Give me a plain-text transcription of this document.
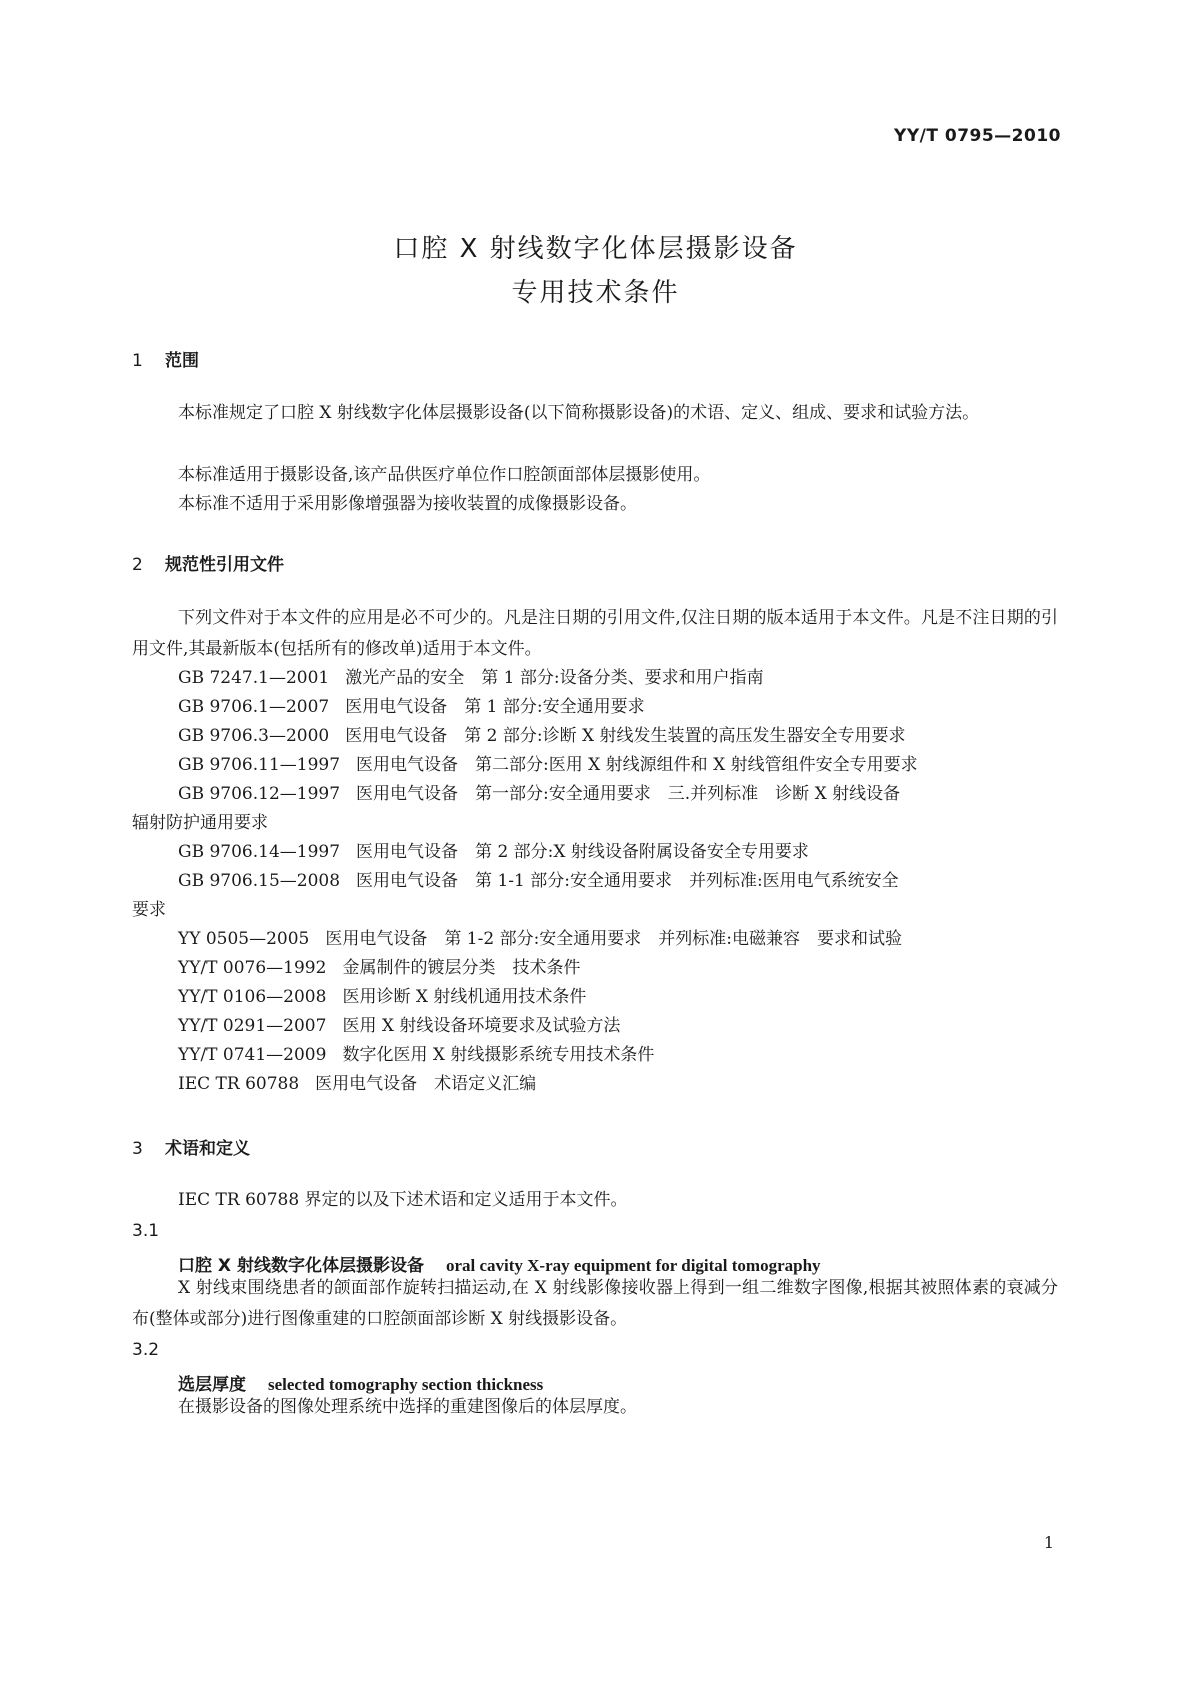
YY/T 0795—2010
口腔 X 射线数字化体层摄影设备
专用技术条件
1 范围
本标准规定了口腔 X 射线数字化体层摄影设备(以下简称摄影设备)的术语、定义、组成、要求和试验方法。
本标准适用于摄影设备,该产品供医疗单位作口腔颌面部体层摄影使用。
本标准不适用于采用影像增强器为接收装置的成像摄影设备。
2 规范性引用文件
下列文件对于本文件的应用是必不可少的。凡是注日期的引用文件,仅注日期的版本适用于本文件。凡是不注日期的引用文件,其最新版本(包括所有的修改单)适用于本文件。
GB 7247.1—2001 激光产品的安全　第 1 部分:设备分类、要求和用户指南
GB 9706.1—2007 医用电气设备　第 1 部分:安全通用要求
GB 9706.3—2000 医用电气设备　第 2 部分:诊断 X 射线发生装置的高压发生器安全专用要求
GB 9706.11—1997 医用电气设备　第二部分:医用 X 射线源组件和 X 射线管组件安全专用要求
GB 9706.12—1997 医用电气设备　第一部分:安全通用要求　三.并列标准　诊断 X 射线设备
辐射防护通用要求
GB 9706.14—1997 医用电气设备　第 2 部分:X 射线设备附属设备安全专用要求
GB 9706.15—2008 医用电气设备　第 1-1 部分:安全通用要求　并列标准:医用电气系统安全
要求
YY 0505—2005 医用电气设备　第 1-2 部分:安全通用要求　并列标准:电磁兼容　要求和试验
YY/T 0076—1992 金属制件的镀层分类　技术条件
YY/T 0106—2008 医用诊断 X 射线机通用技术条件
YY/T 0291—2007 医用 X 射线设备环境要求及试验方法
YY/T 0741—2009 数字化医用 X 射线摄影系统专用技术条件
IEC TR 60788 医用电气设备　术语定义汇编
3 术语和定义
IEC TR 60788 界定的以及下述术语和定义适用于本文件。
3.1
口腔 X 射线数字化体层摄影设备 oral cavity X-ray equipment for digital tomography
X 射线束围绕患者的颌面部作旋转扫描运动,在 X 射线影像接收器上得到一组二维数字图像,根据其被照体素的衰减分布(整体或部分)进行图像重建的口腔颌面部诊断 X 射线摄影设备。
3.2
选层厚度 selected tomography section thickness
在摄影设备的图像处理系统中选择的重建图像后的体层厚度。
1
